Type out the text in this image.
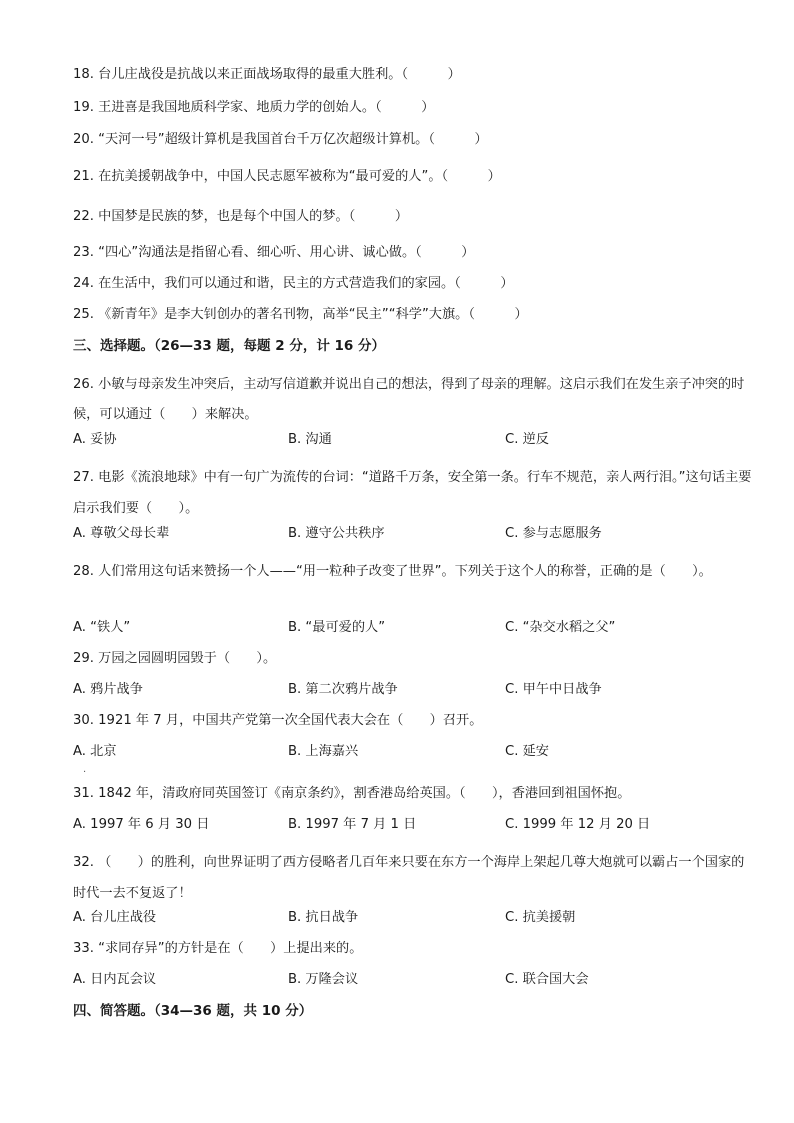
18. 台儿庄战役是抗战以来正面战场取得的最重大胜利。（　　　）
19. 王进喜是我国地质科学家、地质力学的创始人。（　　　）
20. “天河一号”超级计算机是我国首台千万亿次超级计算机。（　　　）
21. 在抗美援朝战争中，中国人民志愿军被称为“最可爱的人”。（　　　）
22. 中国梦是民族的梦，也是每个中国人的梦。（　　　）
23. “四心”沟通法是指留心看、细心听、用心讲、诚心做。（　　　）
24. 在生活中，我们可以通过和谐，民主的方式营造我们的家园。（　　　）
25. 《新青年》是李大钊创办的著名刊物，高举“民主”“科学”大旗。（　　　）
三、选择题。（26—33 题，每题 2 分，计 16 分）
26. 小敏与母亲发生冲突后，主动写信道歉并说出自己的想法，得到了母亲的理解。这启示我们在发生亲子冲突的时候，可以通过（　　）来解决。
A. 妥协	B. 沟通	C. 逆反
27. 电影《流浪地球》中有一句广为流传的台词：“道路千万条，安全第一条。行车不规范，亲人两行泪。”这句话主要启示我们要（　　）。
A. 尊敬父母长辈	B. 遵守公共秩序	C. 参与志愿服务
28. 人们常用这句话来赞扬一个人——“用一粒种子改变了世界”。下列关于这个人的称誉，正确的是（　　）。
A. “铁人”	B. “最可爱的人”	C. “杂交水稻之父”
29. 万园之园圆明园毁于（　　）。
A. 鸦片战争	B. 第二次鸦片战争	C. 甲午中日战争
30. 1921 年 7 月，中国共产党第一次全国代表大会在（　　）召开。
A. 北京	B. 上海嘉兴	C. 延安
·
31. 1842 年，清政府同英国签订《南京条约》，割香港岛给英国。（　　），香港回到祖国怀抱。
A. 1997 年 6 月 30 日	B. 1997 年 7 月 1 日	C. 1999 年 12 月 20 日
32. （　　）的胜利，向世界证明了西方侵略者几百年来只要在东方一个海岸上架起几尊大炮就可以霸占一个国家的时代一去不复返了！
A. 台儿庄战役	B. 抗日战争	C. 抗美援朝
33. “求同存异”的方针是在（　　）上提出来的。
A. 日内瓦会议	B. 万隆会议	C. 联合国大会
四、简答题。（34—36 题，共 10 分）
